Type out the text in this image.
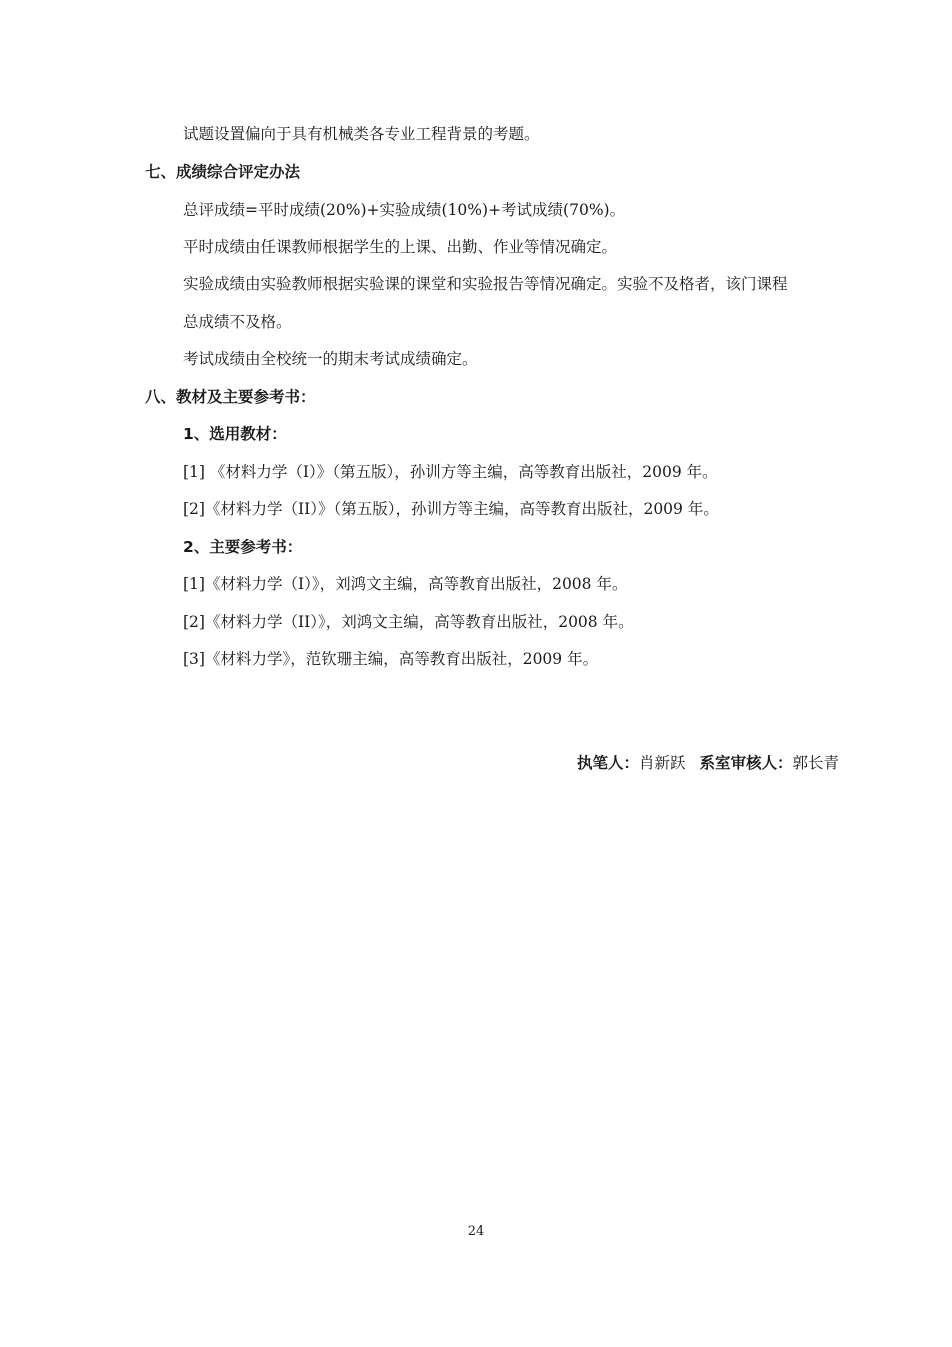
试题设置偏向于具有机械类各专业工程背景的考题。
七、成绩综合评定办法
总评成绩=平时成绩(20%)+实验成绩(10%)+考试成绩(70%)。
平时成绩由任课教师根据学生的上课、出勤、作业等情况确定。
实验成绩由实验教师根据实验课的课堂和实验报告等情况确定。实验不及格者，该门课程
总成绩不及格。
考试成绩由全校统一的期末考试成绩确定。
八、教材及主要参考书：
1、选用教材：
[1] 《材料力学（I）》（第五版），孙训方等主编，高等教育出版社，2009 年。
[2]《材料力学（II）》（第五版），孙训方等主编，高等教育出版社，2009 年。
2、主要参考书：
[1]《材料力学（I）》，刘鸿文主编，高等教育出版社，2008 年。
[2]《材料力学（II）》，刘鸿文主编，高等教育出版社，2008 年。
[3]《材料力学》，范钦珊主编，高等教育出版社，2009 年。
执笔人：肖新跃 系室审核人：郭长青
24
